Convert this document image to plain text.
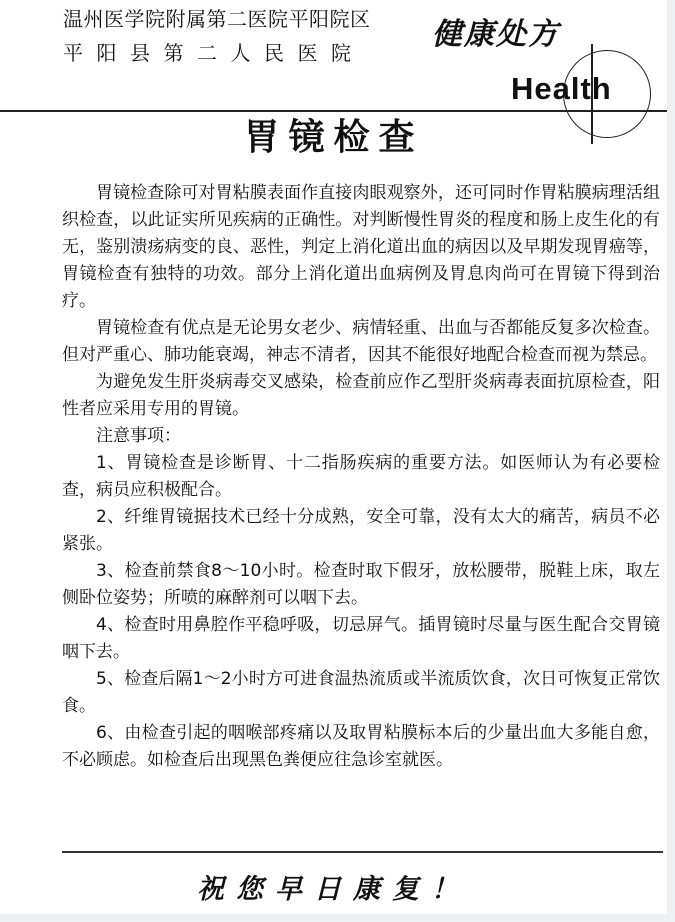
温州医学院附属第二医院平阳院区
平阳县第二人民医院
健康处方
Health
胃镜检查

胃镜检查除可对胃粘膜表面作直接肉眼观察外，还可同时作胃粘膜病理活组织检查，以此证实所见疾病的正确性。对判断慢性胃炎的程度和肠上皮生化的有无，鉴别溃疡病变的良、恶性，判定上消化道出血的病因以及早期发现胃癌等，胃镜检查有独特的功效。部分上消化道出血病例及胃息肉尚可在胃镜下得到治疗。

胃镜检查有优点是无论男女老少、病情轻重、出血与否都能反复多次检查。但对严重心、肺功能衰竭，神志不清者，因其不能很好地配合检查而视为禁忌。

为避免发生肝炎病毒交叉感染，检查前应作乙型肝炎病毒表面抗原检查，阳性者应采用专用的胃镜。

注意事项：

1、胃镜检查是诊断胃、十二指肠疾病的重要方法。如医师认为有必要检查，病员应积极配合。

2、纤维胃镜据技术已经十分成熟，安全可靠，没有太大的痛苦，病员不必紧张。

3、检查前禁食8～10小时。检查时取下假牙，放松腰带，脱鞋上床，取左侧卧位姿势；所喷的麻醉剂可以咽下去。

4、检查时用鼻腔作平稳呼吸，切忌屏气。插胃镜时尽量与医生配合交胃镜咽下去。

5、检查后隔1～2小时方可进食温热流质或半流质饮食，次日可恢复正常饮食。

6、由检查引起的咽喉部疼痛以及取胃粘膜标本后的少量出血大多能自愈，不必顾虑。如检查后出现黑色粪便应往急诊室就医。

祝您早日康复！
